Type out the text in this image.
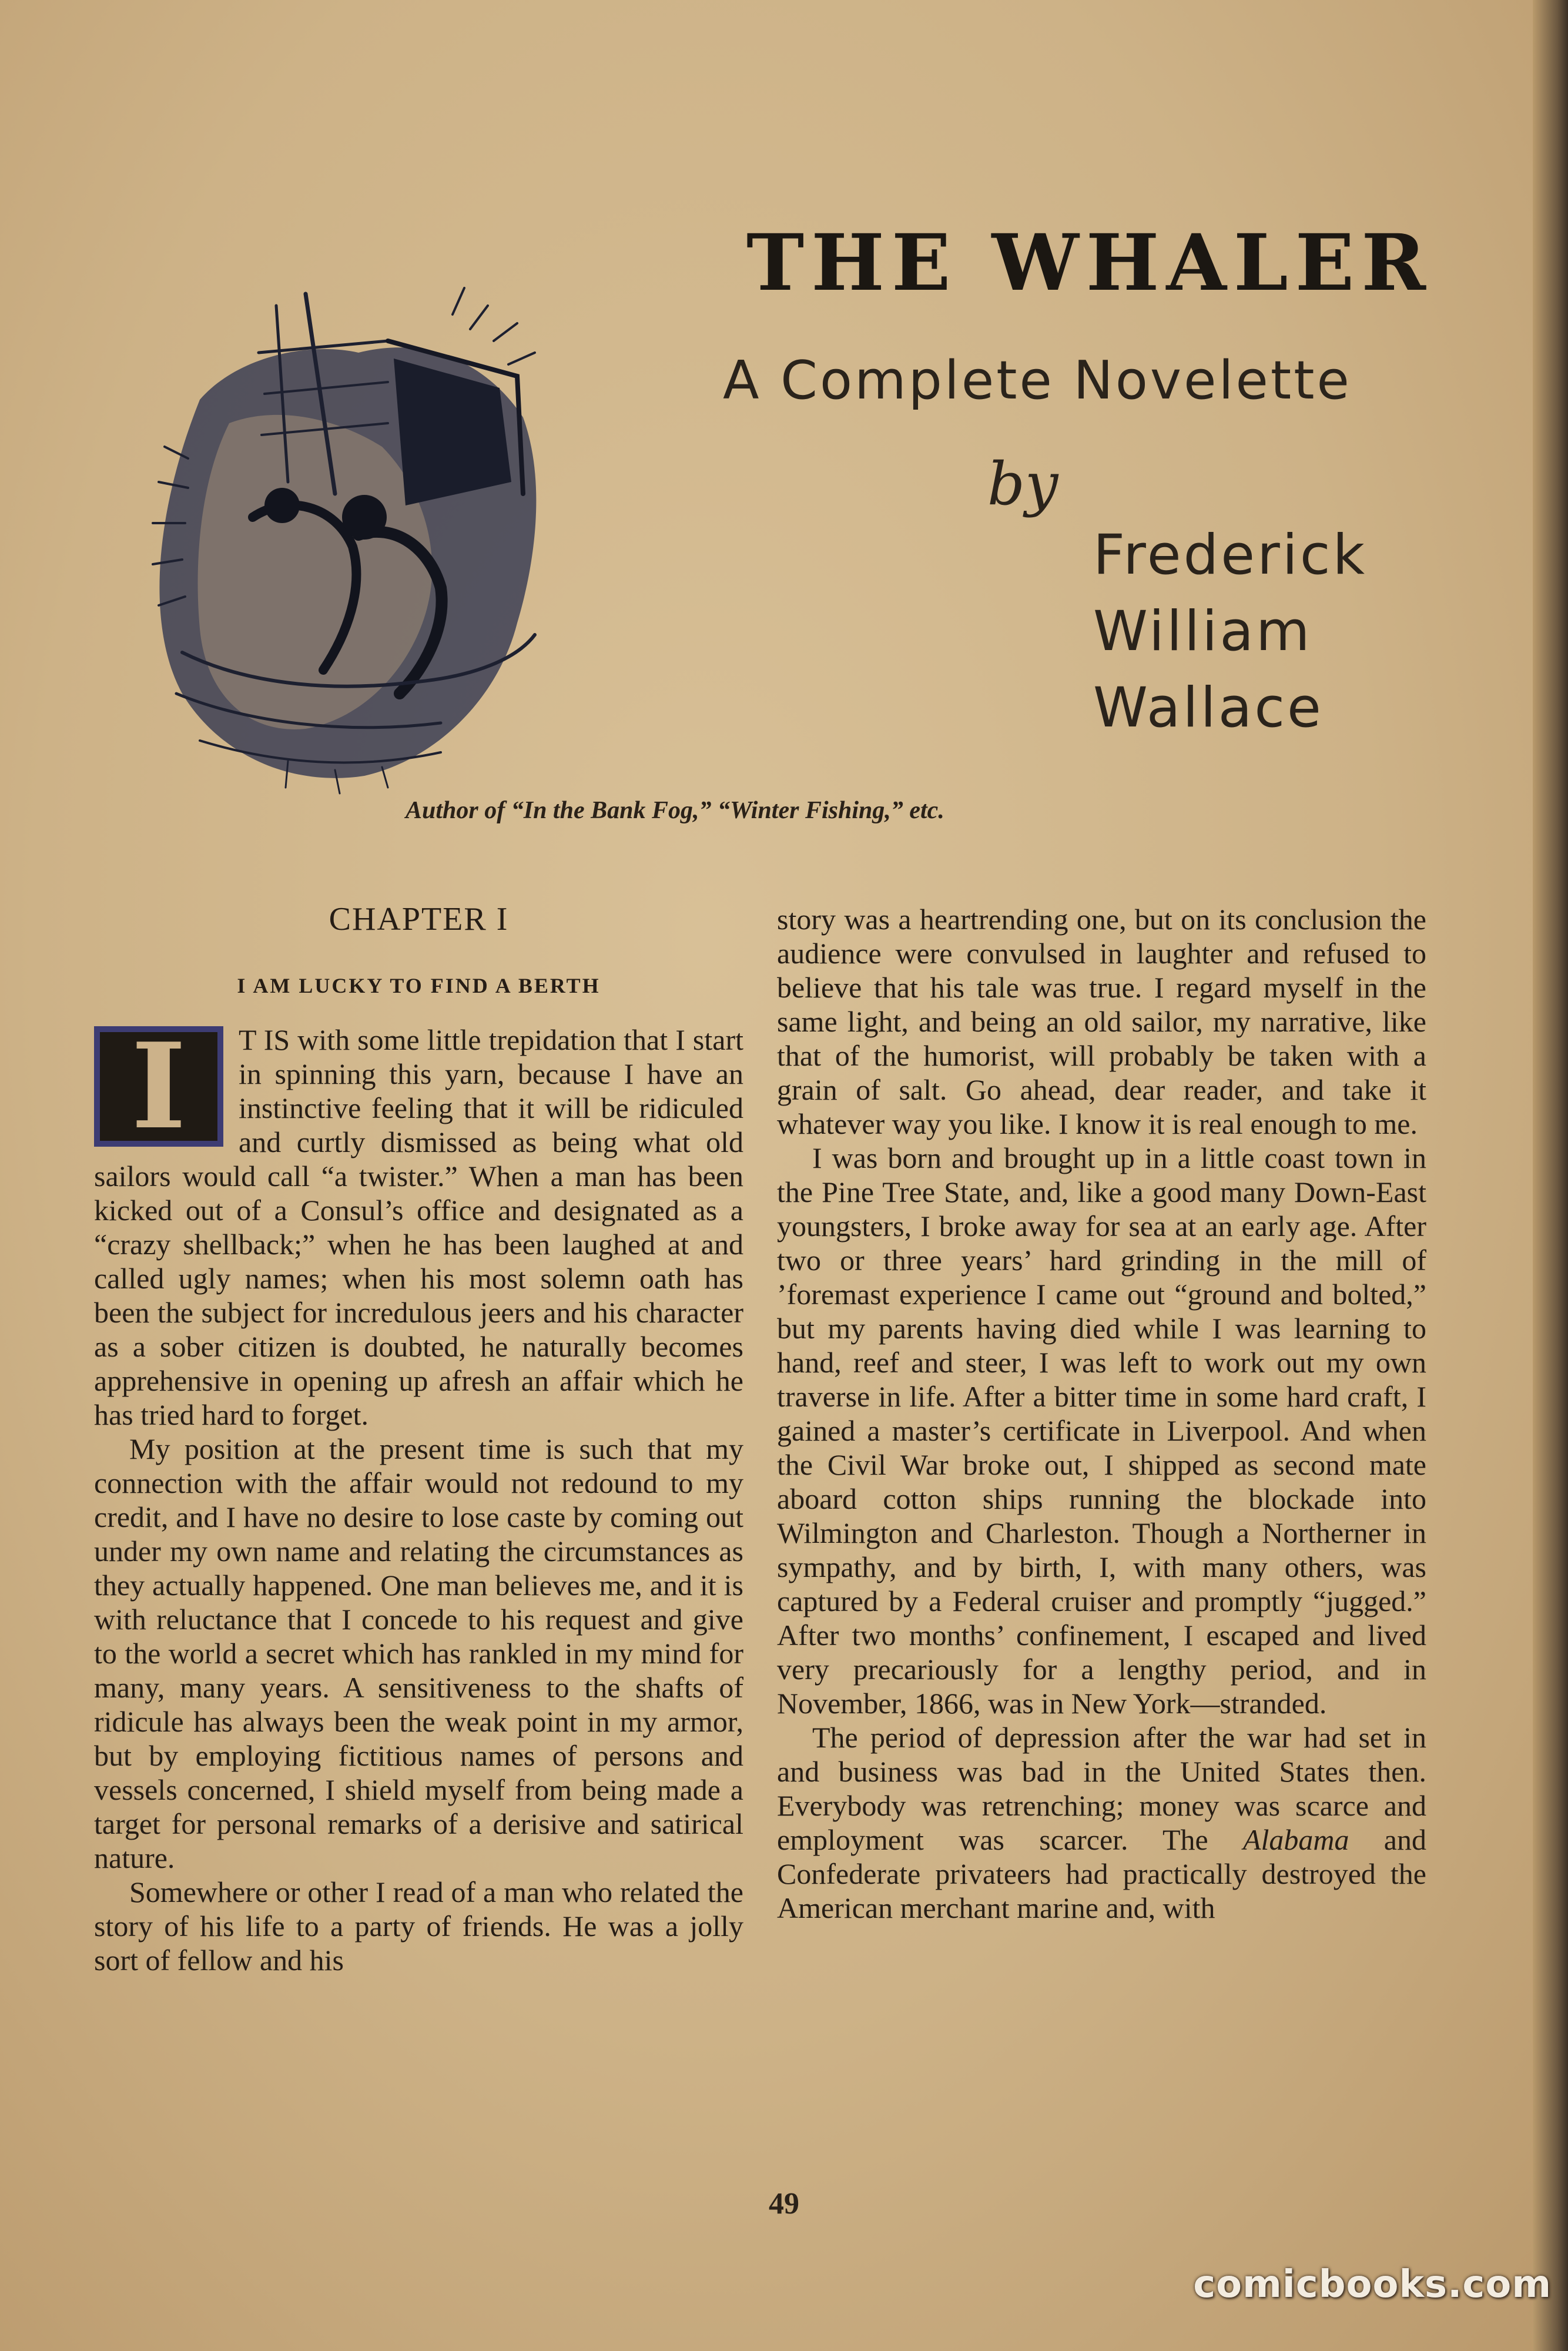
THE WHALER
A Complete Novelette
by
Frederick
William
Wallace
Author of “In the Bank Fog,” “Winter Fishing,” etc.
CHAPTER I
I AM LUCKY TO FIND A BERTH

I	T IS with some little trepidation that I start in spinning this yarn, because I have an instinctive feeling that it will be ridiculed and curtly dismissed as being what old sailors would call “a twister.” When a man has been kicked out of a Consul’s office and designated as a “crazy shellback;” when he has been laughed at and called ugly names; when his most solemn oath has been the subject for incredulous jeers and his character as a sober citizen is doubted, he naturally becomes apprehensive in opening up afresh an affair which he has tried hard to forget.

My position at the present time is such that my connection with the affair would not redound to my credit, and I have no desire to lose caste by coming out under my own name and relating the circumstances as they actually happened. One man believes me, and it is with reluctance that I concede to his request and give to the world a secret which has rankled in my mind for many, many years. A sensitiveness to the shafts of ridicule has always been the weak point in my armor, but by employing fictitious names of persons and vessels concerned, I shield myself from being made a target for personal remarks of a derisive and satirical nature.

Somewhere or other I read of a man who related the story of his life to a party of friends. He was a jolly sort of fellow and his

story was a heartrending one, but on its conclusion the audience were convulsed in laughter and refused to believe that his tale was true. I regard myself in the same light, and being an old sailor, my narrative, like that of the humorist, will probably be taken with a grain of salt. Go ahead, dear reader, and take it whatever way you like. I know it is real enough to me.

I was born and brought up in a little coast town in the Pine Tree State, and, like a good many Down-East youngsters, I broke away for sea at an early age. After two or three years’ hard grinding in the mill of ’foremast experience I came out “ground and bolted,” but my parents having died while I was learning to hand, reef and steer, I was left to work out my own traverse in life. After a bitter time in some hard craft, I gained a master’s certificate in Liverpool. And when the Civil War broke out, I shipped as second mate aboard cotton ships running the blockade into Wilmington and Charleston. Though a Northerner in sympathy, and by birth, I, with many others, was captured by a Federal cruiser and promptly “jugged.” After two months’ confinement, I escaped and lived very precariously for a lengthy period, and in November, 1866, was in New York—stranded.

The period of depression after the war had set in and business was bad in the United States then. Everybody was retrenching; money was scarce and employment was scarcer. The Alabama and Confederate privateers had practically destroyed the American merchant marine and, with

49
comicbooks.com
